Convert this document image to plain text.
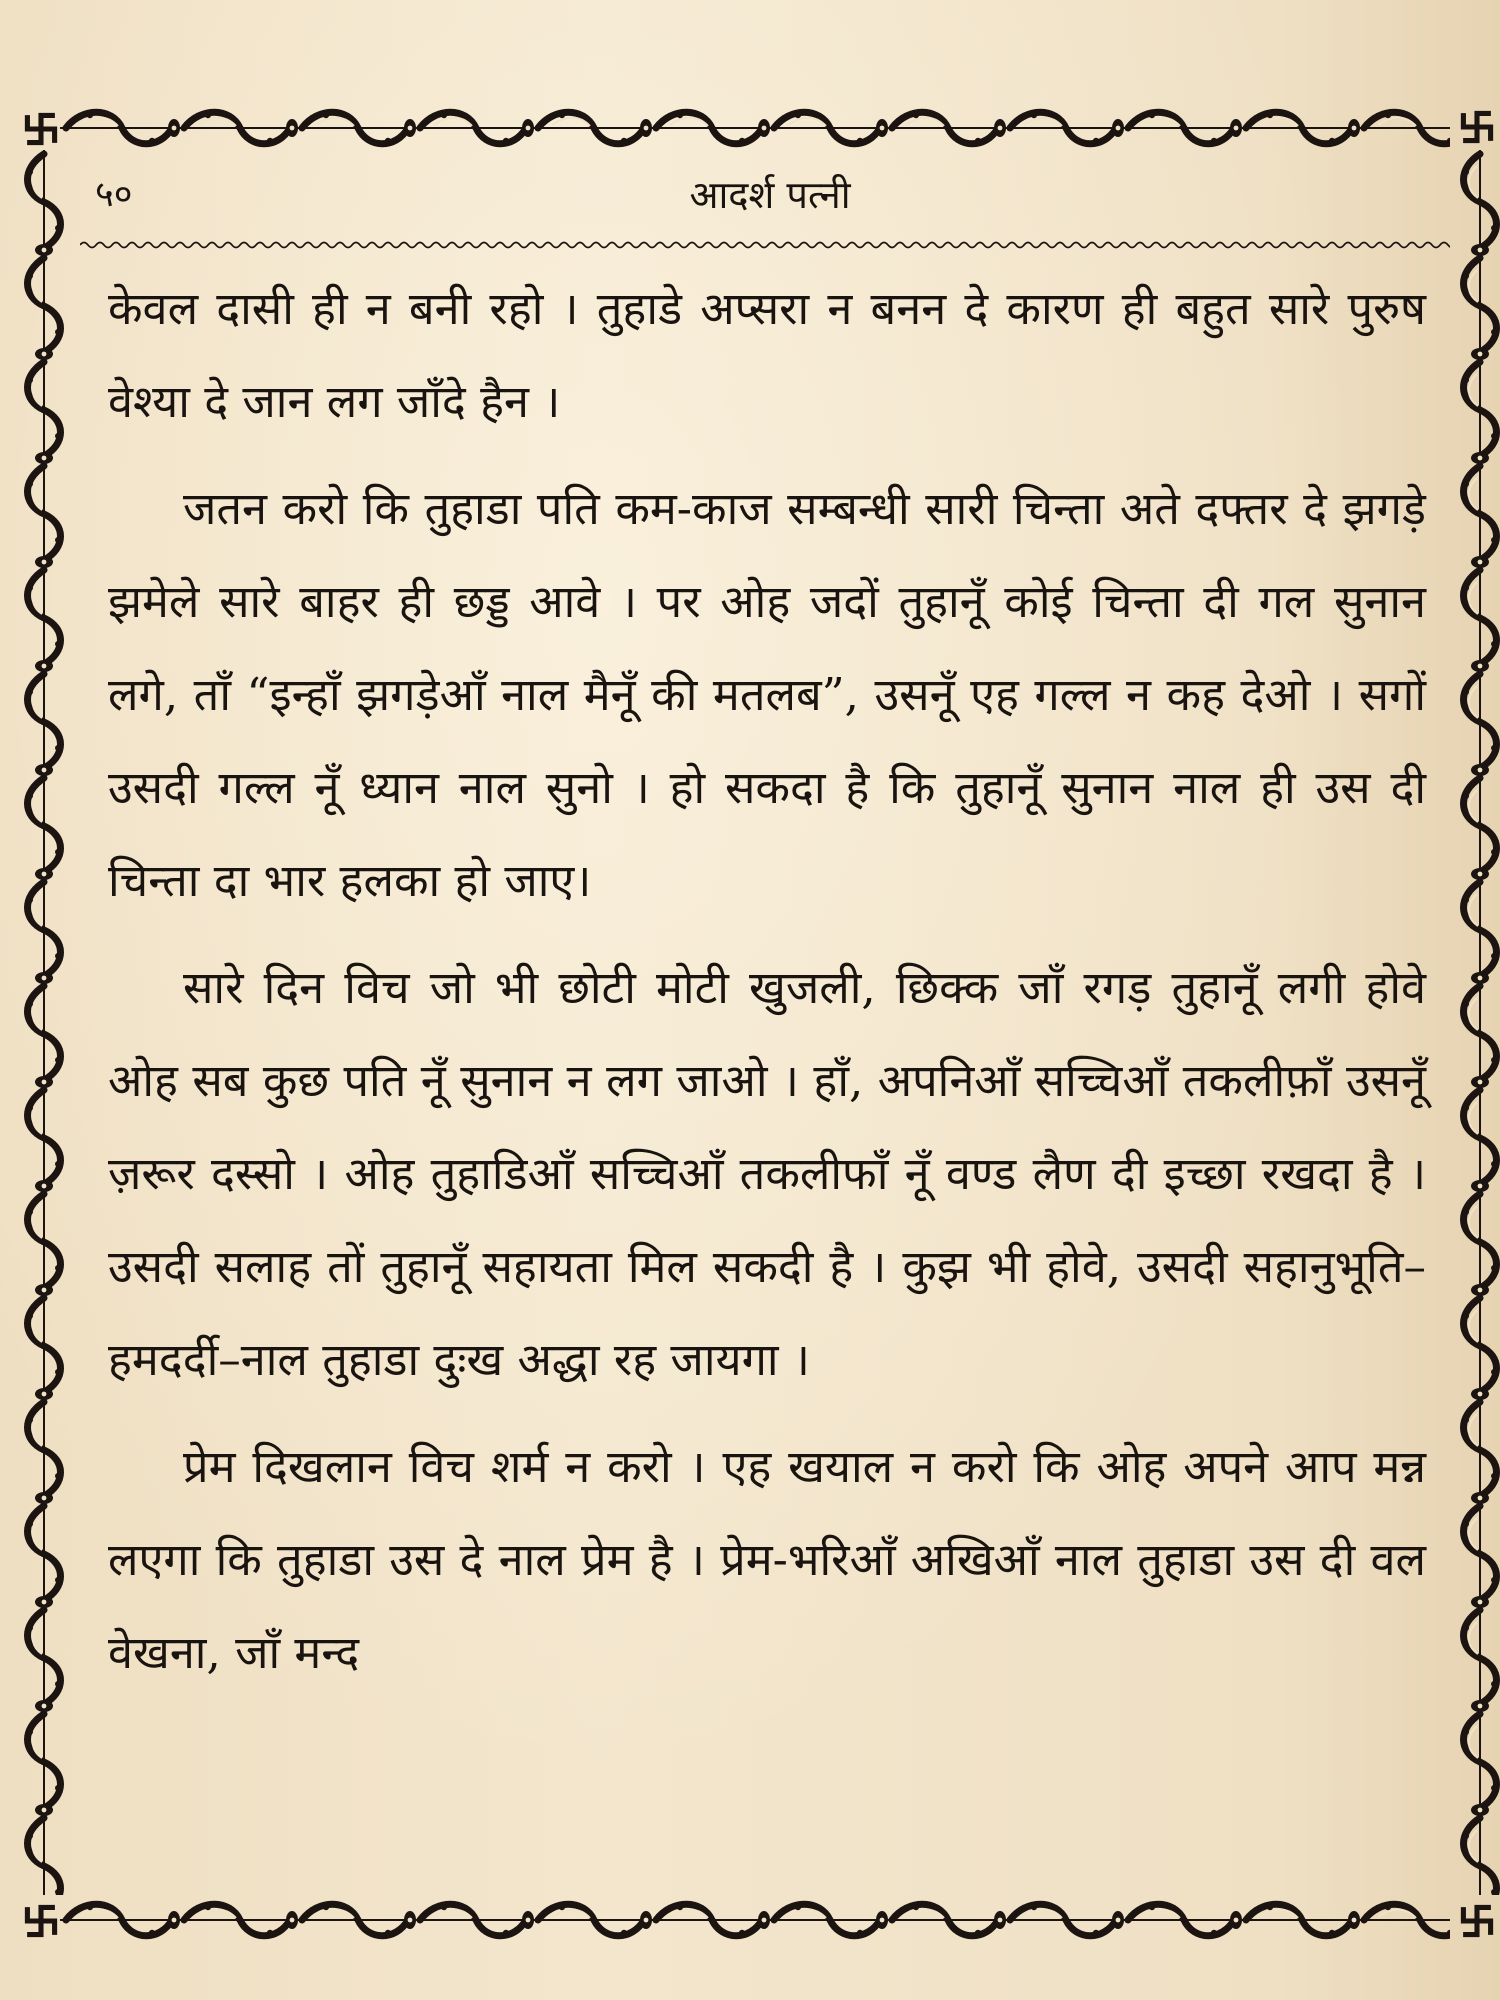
५०	आदर्श पत्नी

केवल दासी ही न बनी रहो । तुहाडे अप्सरा न बनन दे कारण ही बहुत सारे पुरुष वेश्या दे जान लग जाँदे हैन ।

जतन करो कि तुहाडा पति कम-काज सम्बन्धी सारी चिन्ता अते दफ्तर दे झगड़े झमेले सारे बाहर ही छड्ड आवे । पर ओह जदों तुहानूँ कोई चिन्ता दी गल सुनान लगे, ताँ “इन्हाँ झगड़ेआँ नाल मैनूँ की मतलब”, उसनूँ एह गल्ल न कह देओ । सगों उसदी गल्ल नूँ ध्यान नाल सुनो । हो सकदा है कि तुहानूँ सुनान नाल ही उस दी चिन्ता दा भार हलका हो जाए।

सारे दिन विच जो भी छोटी मोटी खुजली, छिक्क जाँ रगड़ तुहानूँ लगी होवे ओह सब कुछ पति नूँ सुनान न लग जाओ । हाँ, अपनिआँ सच्चिआँ तकलीफ़ाँ उसनूँ ज़रूर दस्सो । ओह तुहाडिआँ सच्चिआँ तकलीफाँ नूँ वण्ड लैण दी इच्छा रखदा है । उसदी सलाह तों तुहानूँ सहायता मिल सकदी है । कुझ भी होवे, उसदी सहानुभूति–हमदर्दी–नाल तुहाडा दुःख अद्धा रह जायगा ।

प्रेम दिखलान विच शर्म न करो । एह खयाल न करो कि ओह अपने आप मन्न लएगा कि तुहाडा उस दे नाल प्रेम है । प्रेम-भरिआँ अखिआँ नाल तुहाडा उस दी वल वेखना, जाँ मन्द
